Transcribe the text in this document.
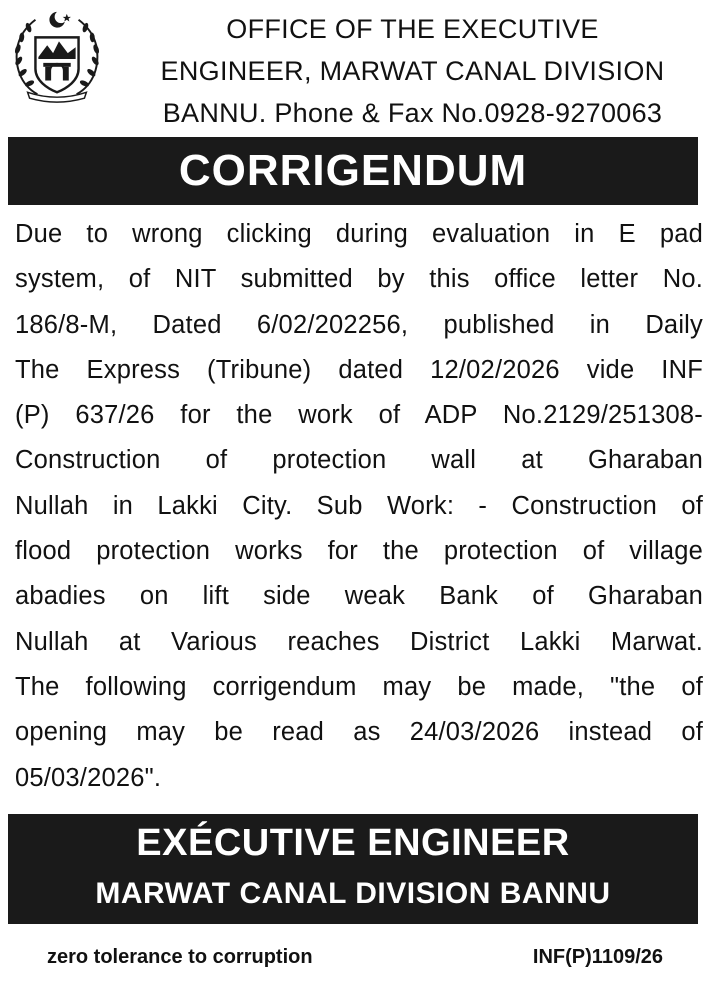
OFFICE OF THE EXECUTIVE
ENGINEER, MARWAT CANAL DIVISION
BANNU. Phone & Fax No.0928-9270063
CORRIGENDUM
Due to wrong clicking during evaluation in E pad
system, of NIT submitted by this office letter No.
186/8-M, Dated 6/02/202256, published in Daily
The Express (Tribune) dated 12/02/2026 vide INF
(P) 637/26 for the work of ADP No.2129/251308-
Construction of protection wall at Gharaban
Nullah in Lakki City. Sub Work: - Construction of
flood protection works for the protection of village
abadies on lift side weak Bank of Gharaban
Nullah at Various reaches District Lakki Marwat.
The following corrigendum may be made, "the of
opening may be read as 24/03/2026 instead of
05/03/2026".
EXÉCUTIVE ENGINEER
MARWAT CANAL DIVISION BANNU
zero tolerance to corruption	INF(P)1109/26
